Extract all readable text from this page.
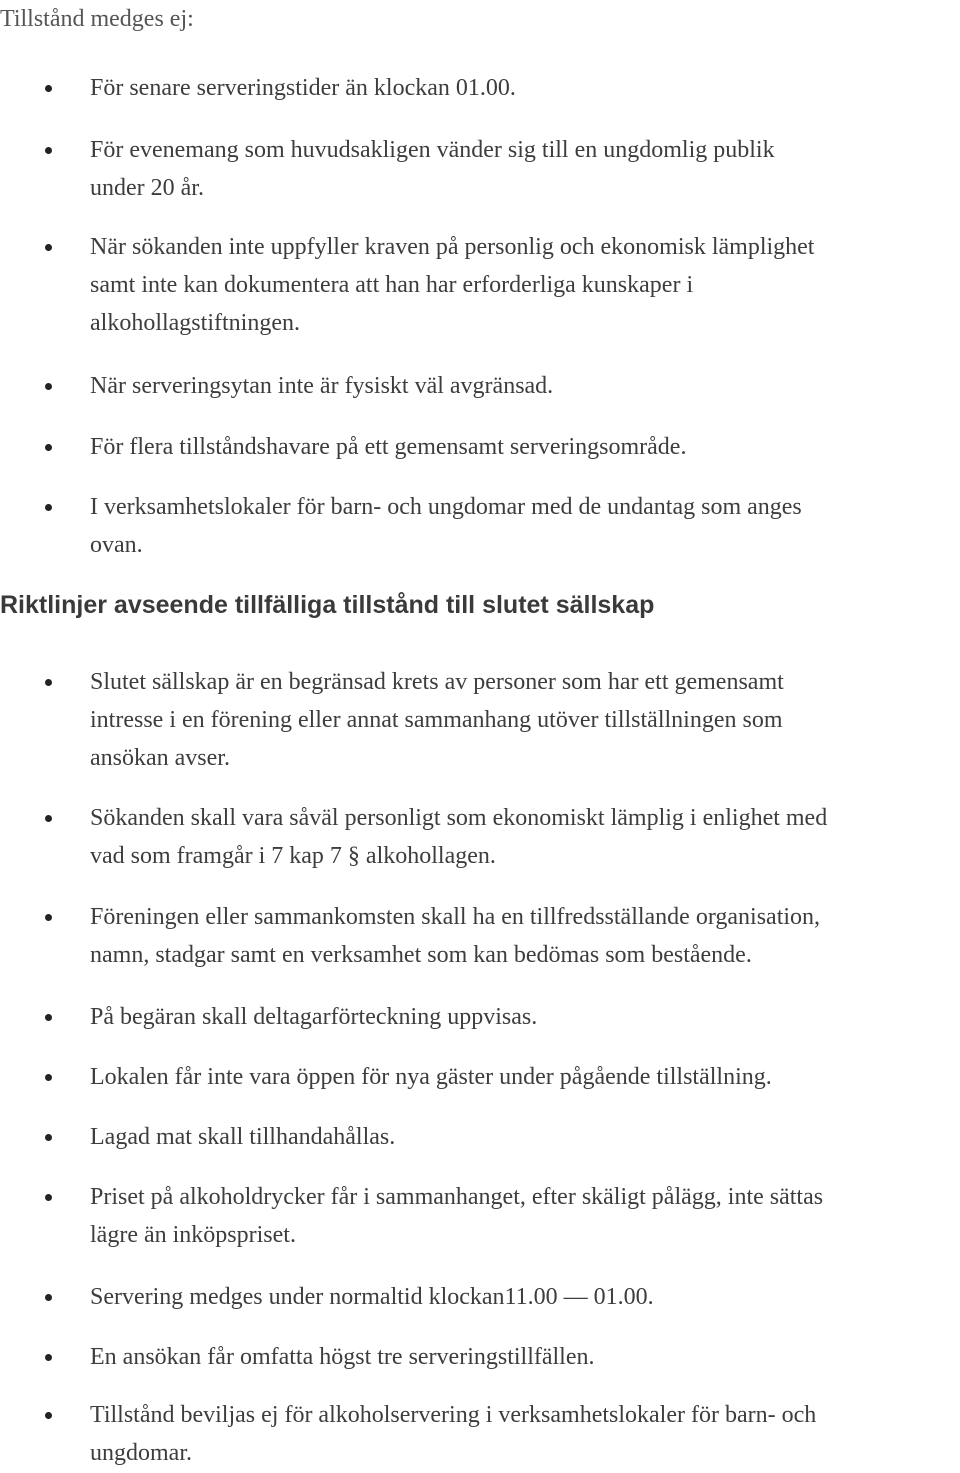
Tillstånd medges ej:
För senare serveringstider än klockan 01.00.
För evenemang som huvudsakligen vänder sig till en ungdomlig publik
under 20 år.
När sökanden inte uppfyller kraven på personlig och ekonomisk lämplighet
samt inte kan dokumentera att han har erforderliga kunskaper i
alkohollagstiftningen.
När serveringsytan inte är fysiskt väl avgränsad.
För flera tillståndshavare på ett gemensamt serveringsområde.
I verksamhetslokaler för barn- och ungdomar med de undantag som anges
ovan.
Riktlinjer avseende tillfälliga tillstånd till slutet sällskap
Slutet sällskap är en begränsad krets av personer som har ett gemensamt
intresse i en förening eller annat sammanhang utöver tillställningen som
ansökan avser.
Sökanden skall vara såväl personligt som ekonomiskt lämplig i enlighet med
vad som framgår i 7 kap 7 § alkohollagen.
Föreningen eller sammankomsten skall ha en tillfredsställande organisation,
namn, stadgar samt en verksamhet som kan bedömas som bestående.
På begäran skall deltagarförteckning uppvisas.
Lokalen får inte vara öppen för nya gäster under pågående tillställning.
Lagad mat skall tillhandahållas.
Priset på alkoholdrycker får i sammanhanget, efter skäligt pålägg, inte sättas
lägre än inköpspriset.
Servering medges under normaltid klockan11.00 — 01.00.
En ansökan får omfatta högst tre serveringstillfällen.
Tillstånd beviljas ej för alkoholservering i verksamhetslokaler för barn- och
ungdomar.
